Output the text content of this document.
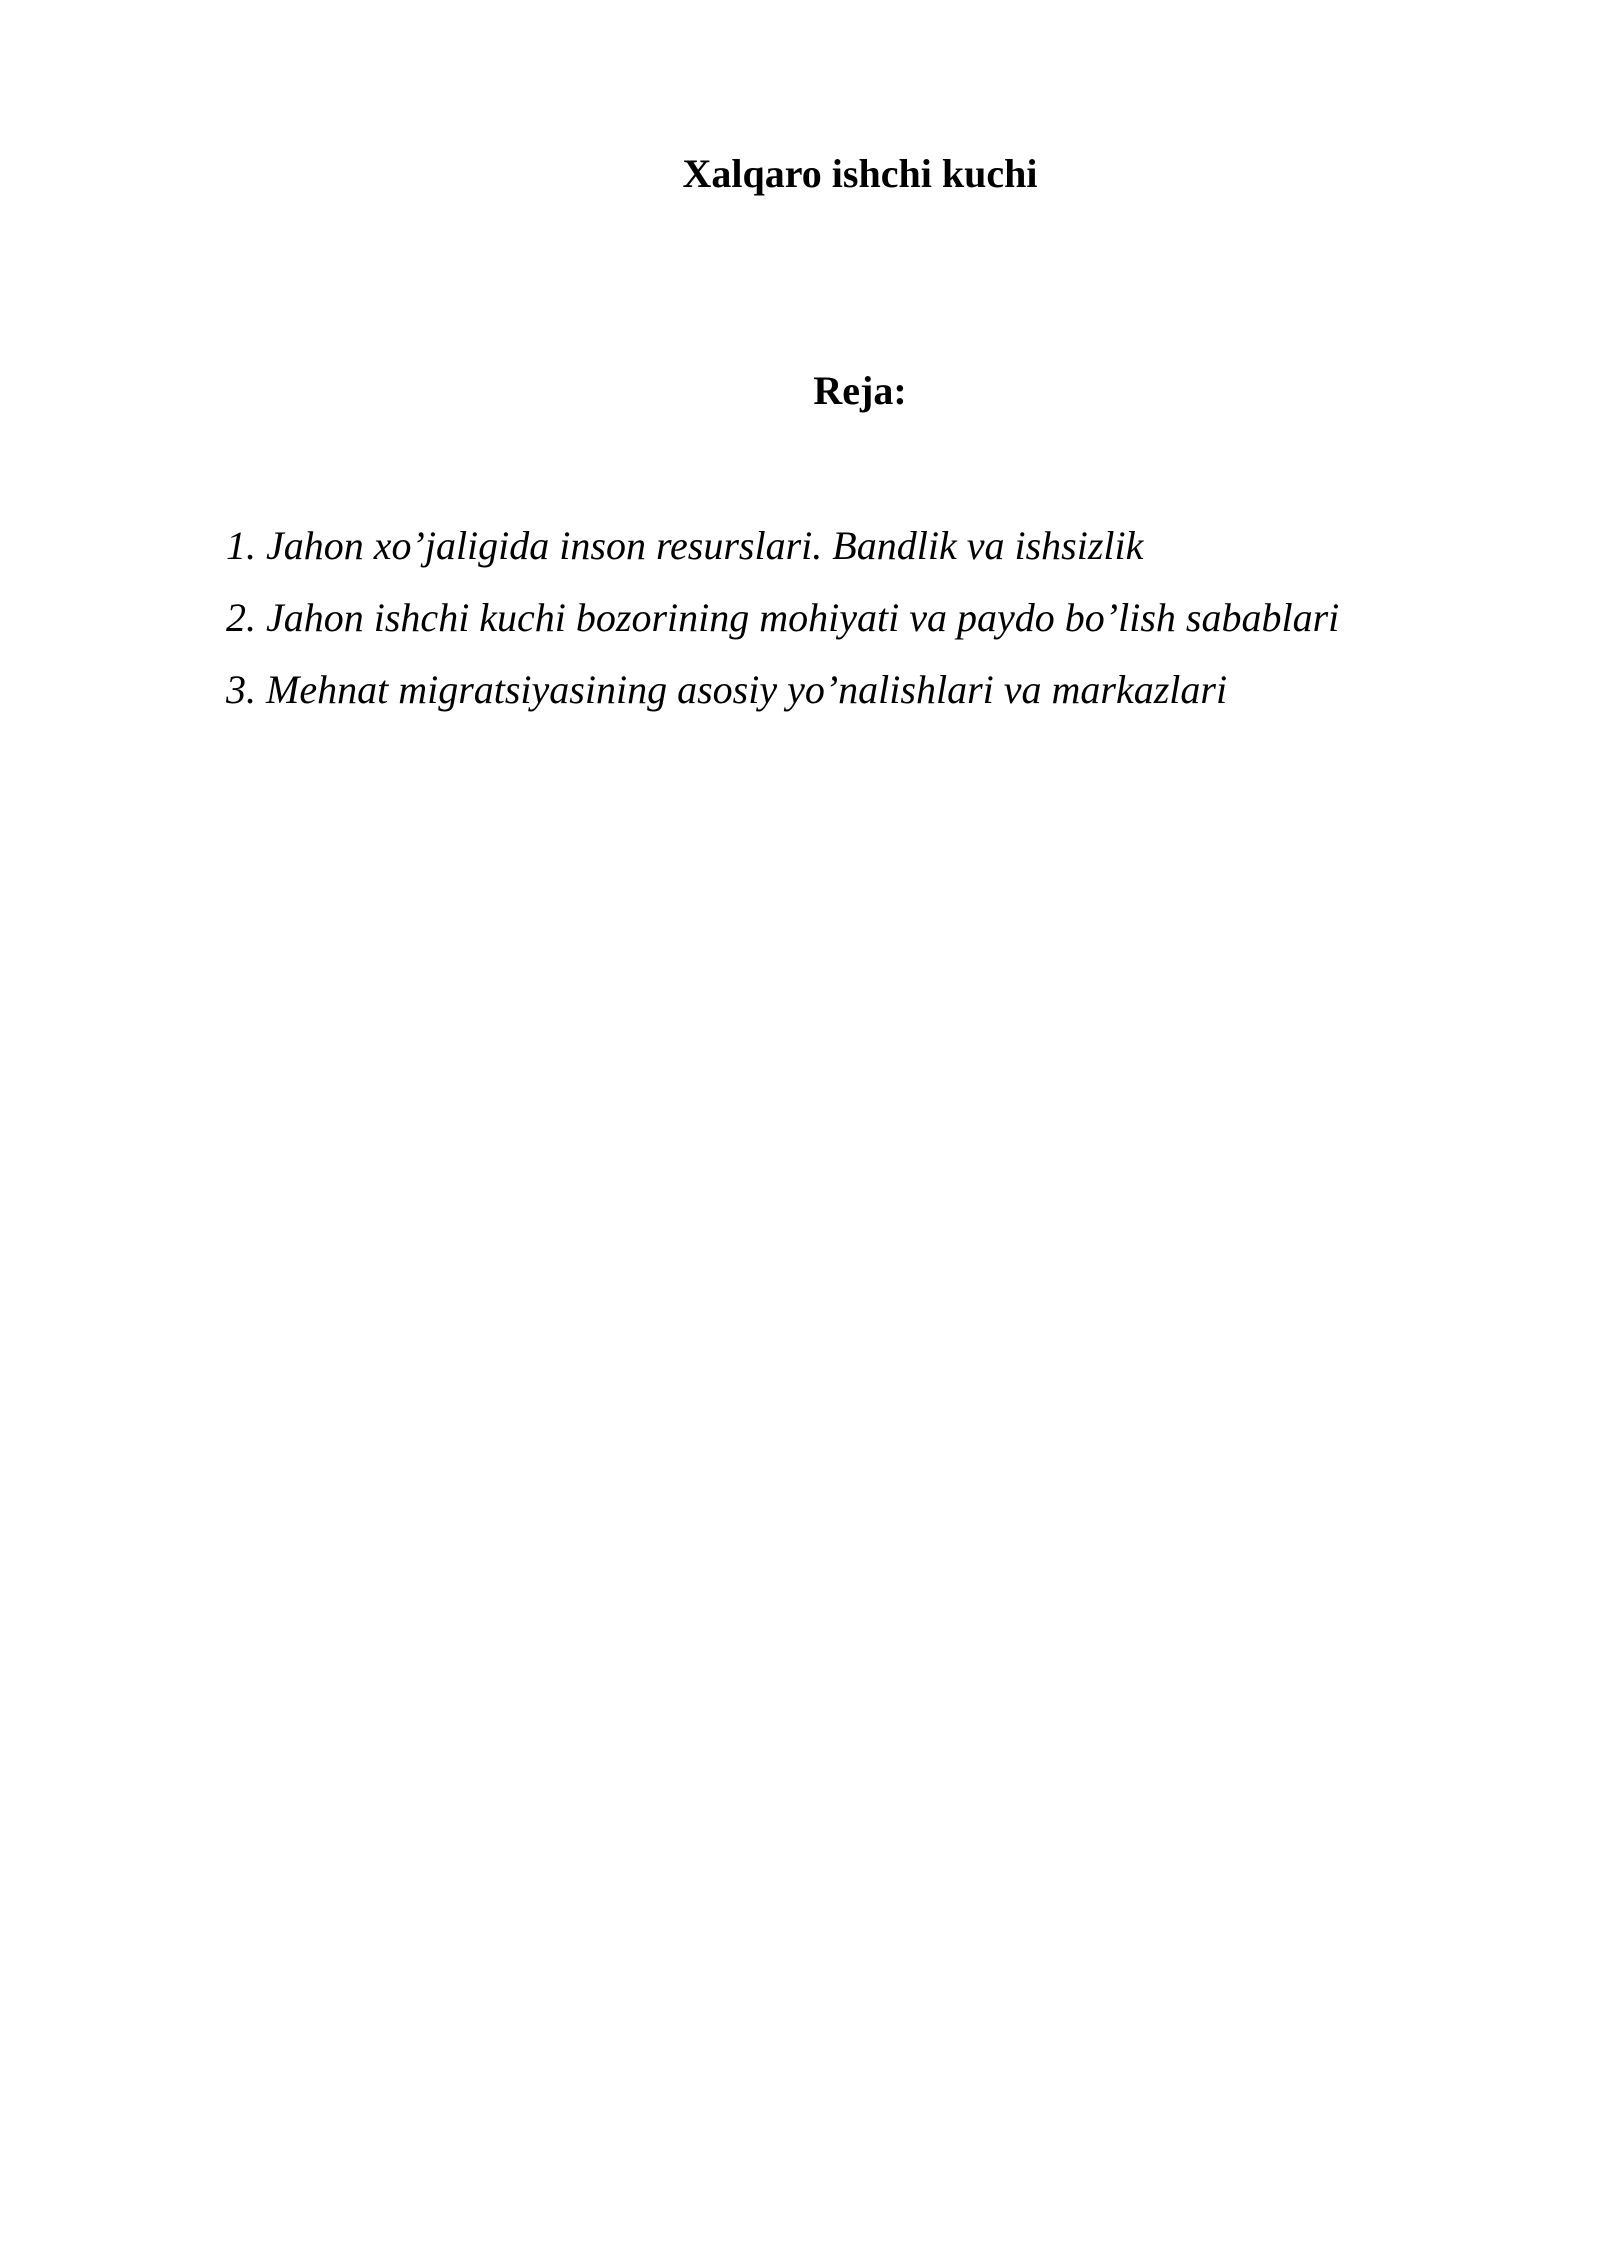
Xalqaro ishchi kuchi
Reja:
1. Jahon xo’jaligida inson resurslari. Bandlik va ishsizlik
2. Jahon ishchi kuchi bozorining mohiyati va paydo bo’lish sabablari
3. Mehnat migratsiyasining asosiy yo’nalishlari va markazlari
